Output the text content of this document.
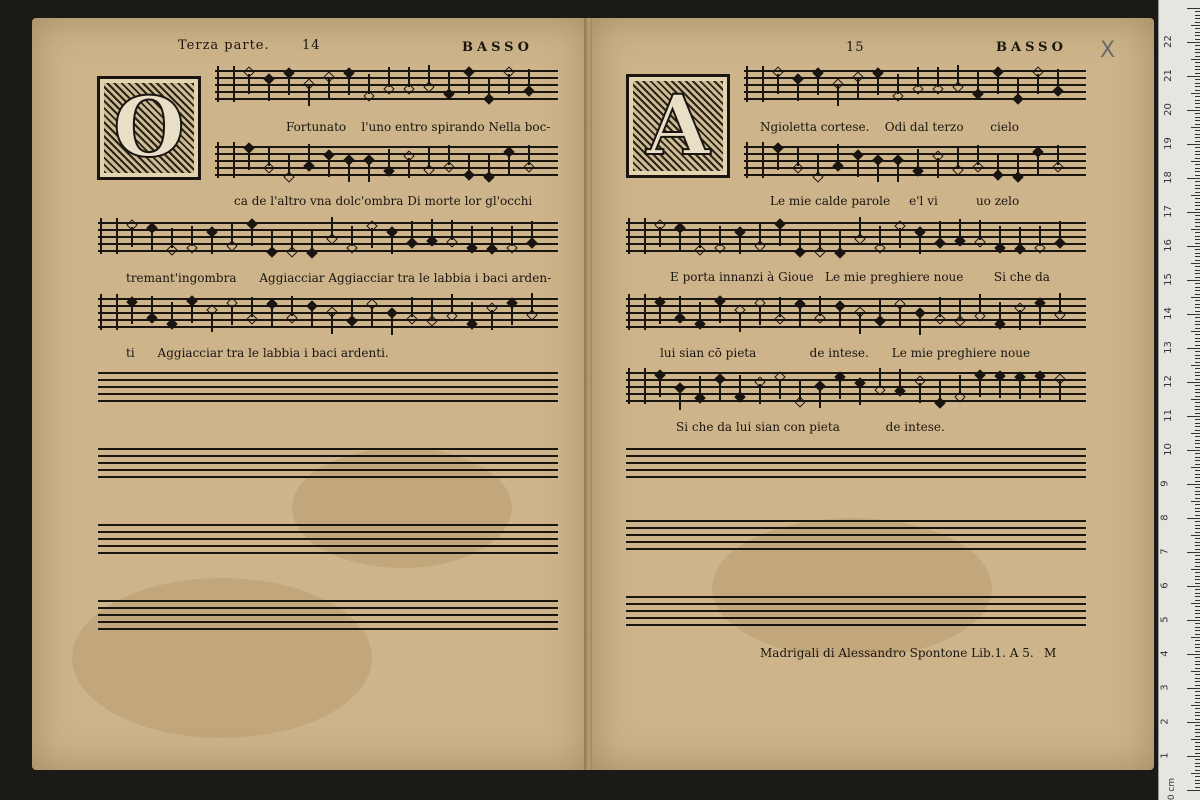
Terza parte. 14	BASSO
O	Fortunato    l'uno entro spirando Nella boc-
ca de l'altro vna dolc'ombra Di morte lor gl'occhi
tremant'ingombra      Aggiacciar Aggiacciar tra le labbia i baci arden-
ti      Aggiacciar tra le labbia i baci ardenti.
15	BASSO
A	Ngioletta cortese.    Odi dal terzo       cielo
Le mie calde parole     e'l vi          uo zelo
E porta innanzi à Gioue   Le mie preghiere noue        Si che da
lui sian cō pieta              de intese.      Le mie preghiere noue
Si che da lui sian con pieta            de intese.
Madrigali di Alessandro Spontone Lib.1. A 5. M
X
0 cm
1
2
3
4
5
6
7
8
9
10
11
12
13
14
15
16
17
18
19
20
21
22
